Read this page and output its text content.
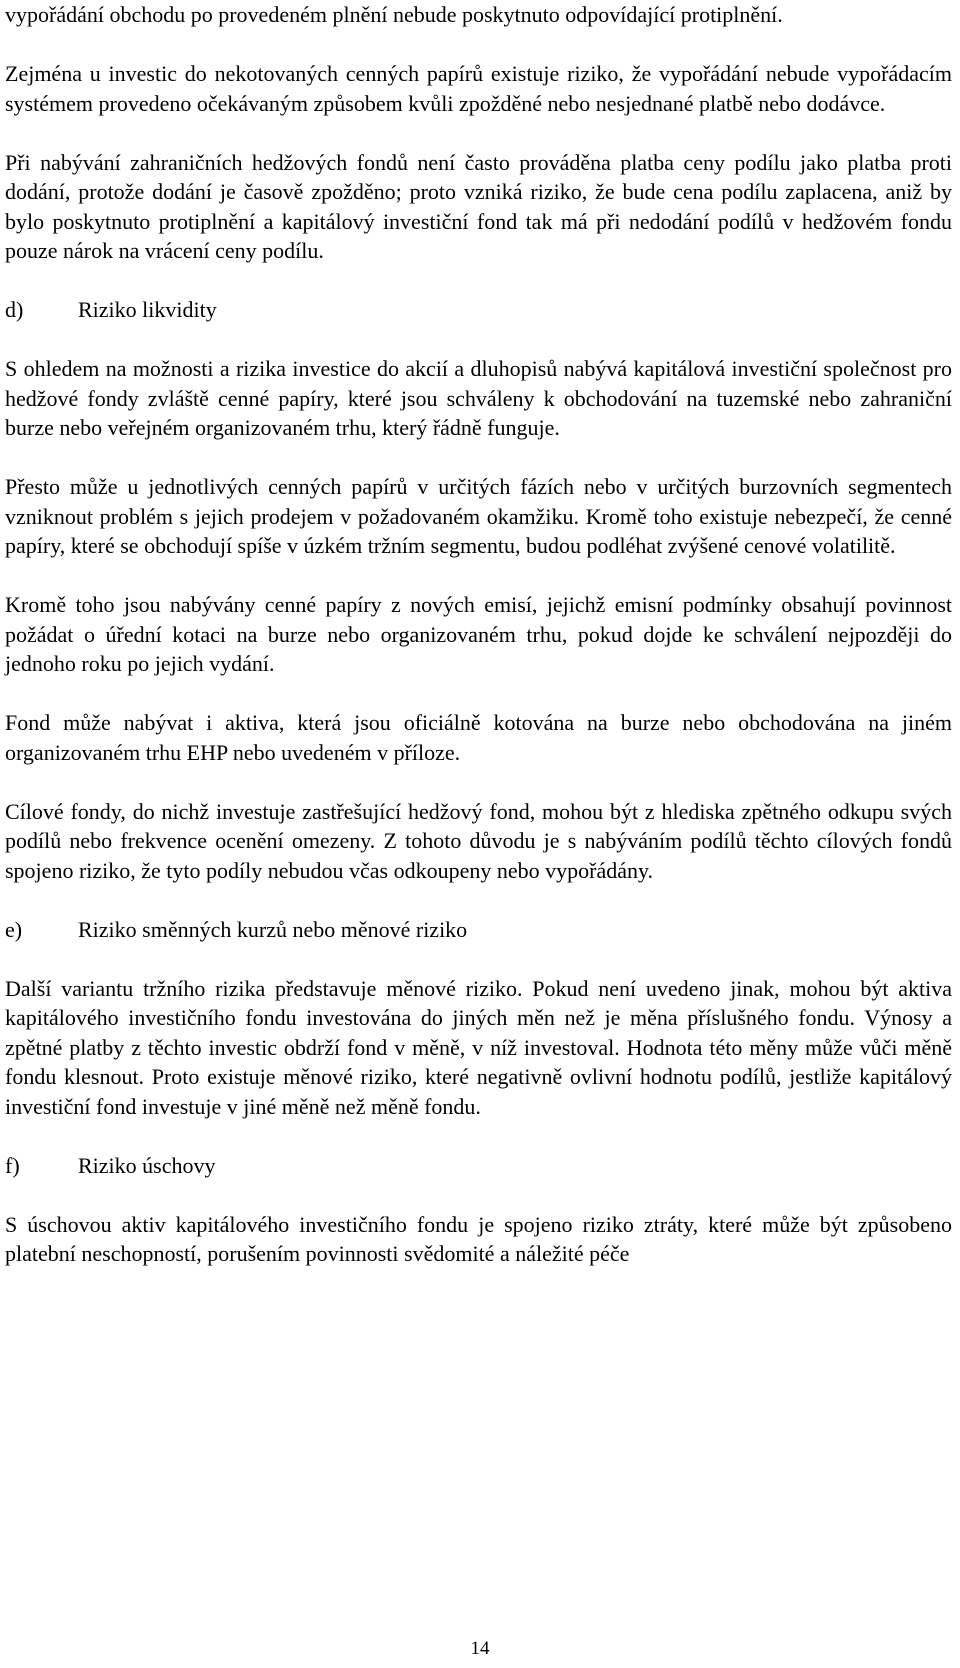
vypořádání obchodu po provedeném plnění nebude poskytnuto odpovídající protiplnění.

Zejména u investic do nekotovaných cenných papírů existuje riziko, že vypořádání nebude vypořádacím systémem provedeno očekávaným způsobem kvůli zpožděné nebo nesjednané platbě nebo dodávce.

Při nabývání zahraničních hedžových fondů není často prováděna platba ceny podílu jako platba proti dodání, protože dodání je časově zpožděno; proto vzniká riziko, že bude cena podílu zaplacena, aniž by bylo poskytnuto protiplnění a kapitálový investiční fond tak má při nedodání podílů v hedžovém fondu pouze nárok na vrácení ceny podílu.

d)	Riziko likvidity

S ohledem na možnosti a rizika investice do akcií a dluhopisů nabývá kapitálová investiční společnost pro hedžové fondy zvláště cenné papíry, které jsou schváleny k obchodování na tuzemské nebo zahraniční burze nebo veřejném organizovaném trhu, který řádně funguje.

Přesto může u jednotlivých cenných papírů v určitých fázích nebo v určitých burzovních segmentech vzniknout problém s jejich prodejem v požadovaném okamžiku. Kromě toho existuje nebezpečí, že cenné papíry, které se obchodují spíše v úzkém tržním segmentu, budou podléhat zvýšené cenové volatilitě.

Kromě toho jsou nabývány cenné papíry z nových emisí, jejichž emisní podmínky obsahují povinnost požádat o úřední kotaci na burze nebo organizovaném trhu, pokud dojde ke schválení nejpozději do jednoho roku po jejich vydání.

Fond může nabývat i aktiva, která jsou oficiálně kotována na burze nebo obchodována na jiném organizovaném trhu EHP nebo uvedeném v příloze.

Cílové fondy, do nichž investuje zastřešující hedžový fond, mohou být z hlediska zpětného odkupu svých podílů nebo frekvence ocenění omezeny. Z tohoto důvodu je s nabýváním podílů těchto cílových fondů spojeno riziko, že tyto podíly nebudou včas odkoupeny nebo vypořádány.

e)	Riziko směnných kurzů nebo měnové riziko

Další variantu tržního rizika představuje měnové riziko. Pokud není uvedeno jinak, mohou být aktiva kapitálového investičního fondu investována do jiných měn než je měna příslušného fondu. Výnosy a zpětné platby z těchto investic obdrží fond v měně, v níž investoval. Hodnota této měny může vůči měně fondu klesnout. Proto existuje měnové riziko, které negativně ovlivní hodnotu podílů, jestliže kapitálový investiční fond investuje v jiné měně než měně fondu.

f)	Riziko úschovy

S úschovou aktiv kapitálového investičního fondu je spojeno riziko ztráty, které může být způsobeno platební neschopností, porušením povinnosti svědomité a náležité péče

14
